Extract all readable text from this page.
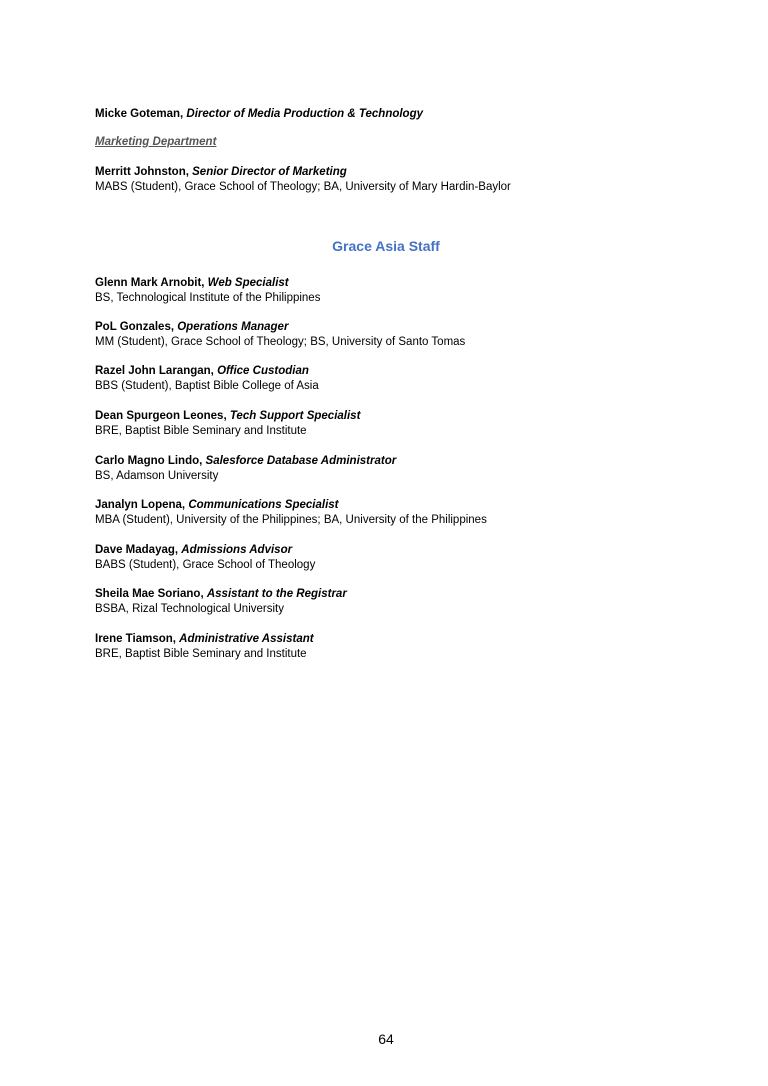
Micke Goteman, Director of Media Production & Technology
Marketing Department
Merritt Johnston, Senior Director of Marketing
MABS (Student), Grace School of Theology; BA, University of Mary Hardin-Baylor
Grace Asia Staff
Glenn Mark Arnobit, Web Specialist
BS, Technological Institute of the Philippines
PoL Gonzales, Operations Manager
MM (Student), Grace School of Theology; BS, University of Santo Tomas
Razel John Larangan, Office Custodian
BBS (Student), Baptist Bible College of Asia
Dean Spurgeon Leones, Tech Support Specialist
BRE, Baptist Bible Seminary and Institute
Carlo Magno Lindo, Salesforce Database Administrator
BS, Adamson University
Janalyn Lopena, Communications Specialist
MBA (Student), University of the Philippines; BA, University of the Philippines
Dave Madayag, Admissions Advisor
BABS (Student), Grace School of Theology
Sheila Mae Soriano, Assistant to the Registrar
BSBA, Rizal Technological University
Irene Tiamson, Administrative Assistant
BRE, Baptist Bible Seminary and Institute
64
